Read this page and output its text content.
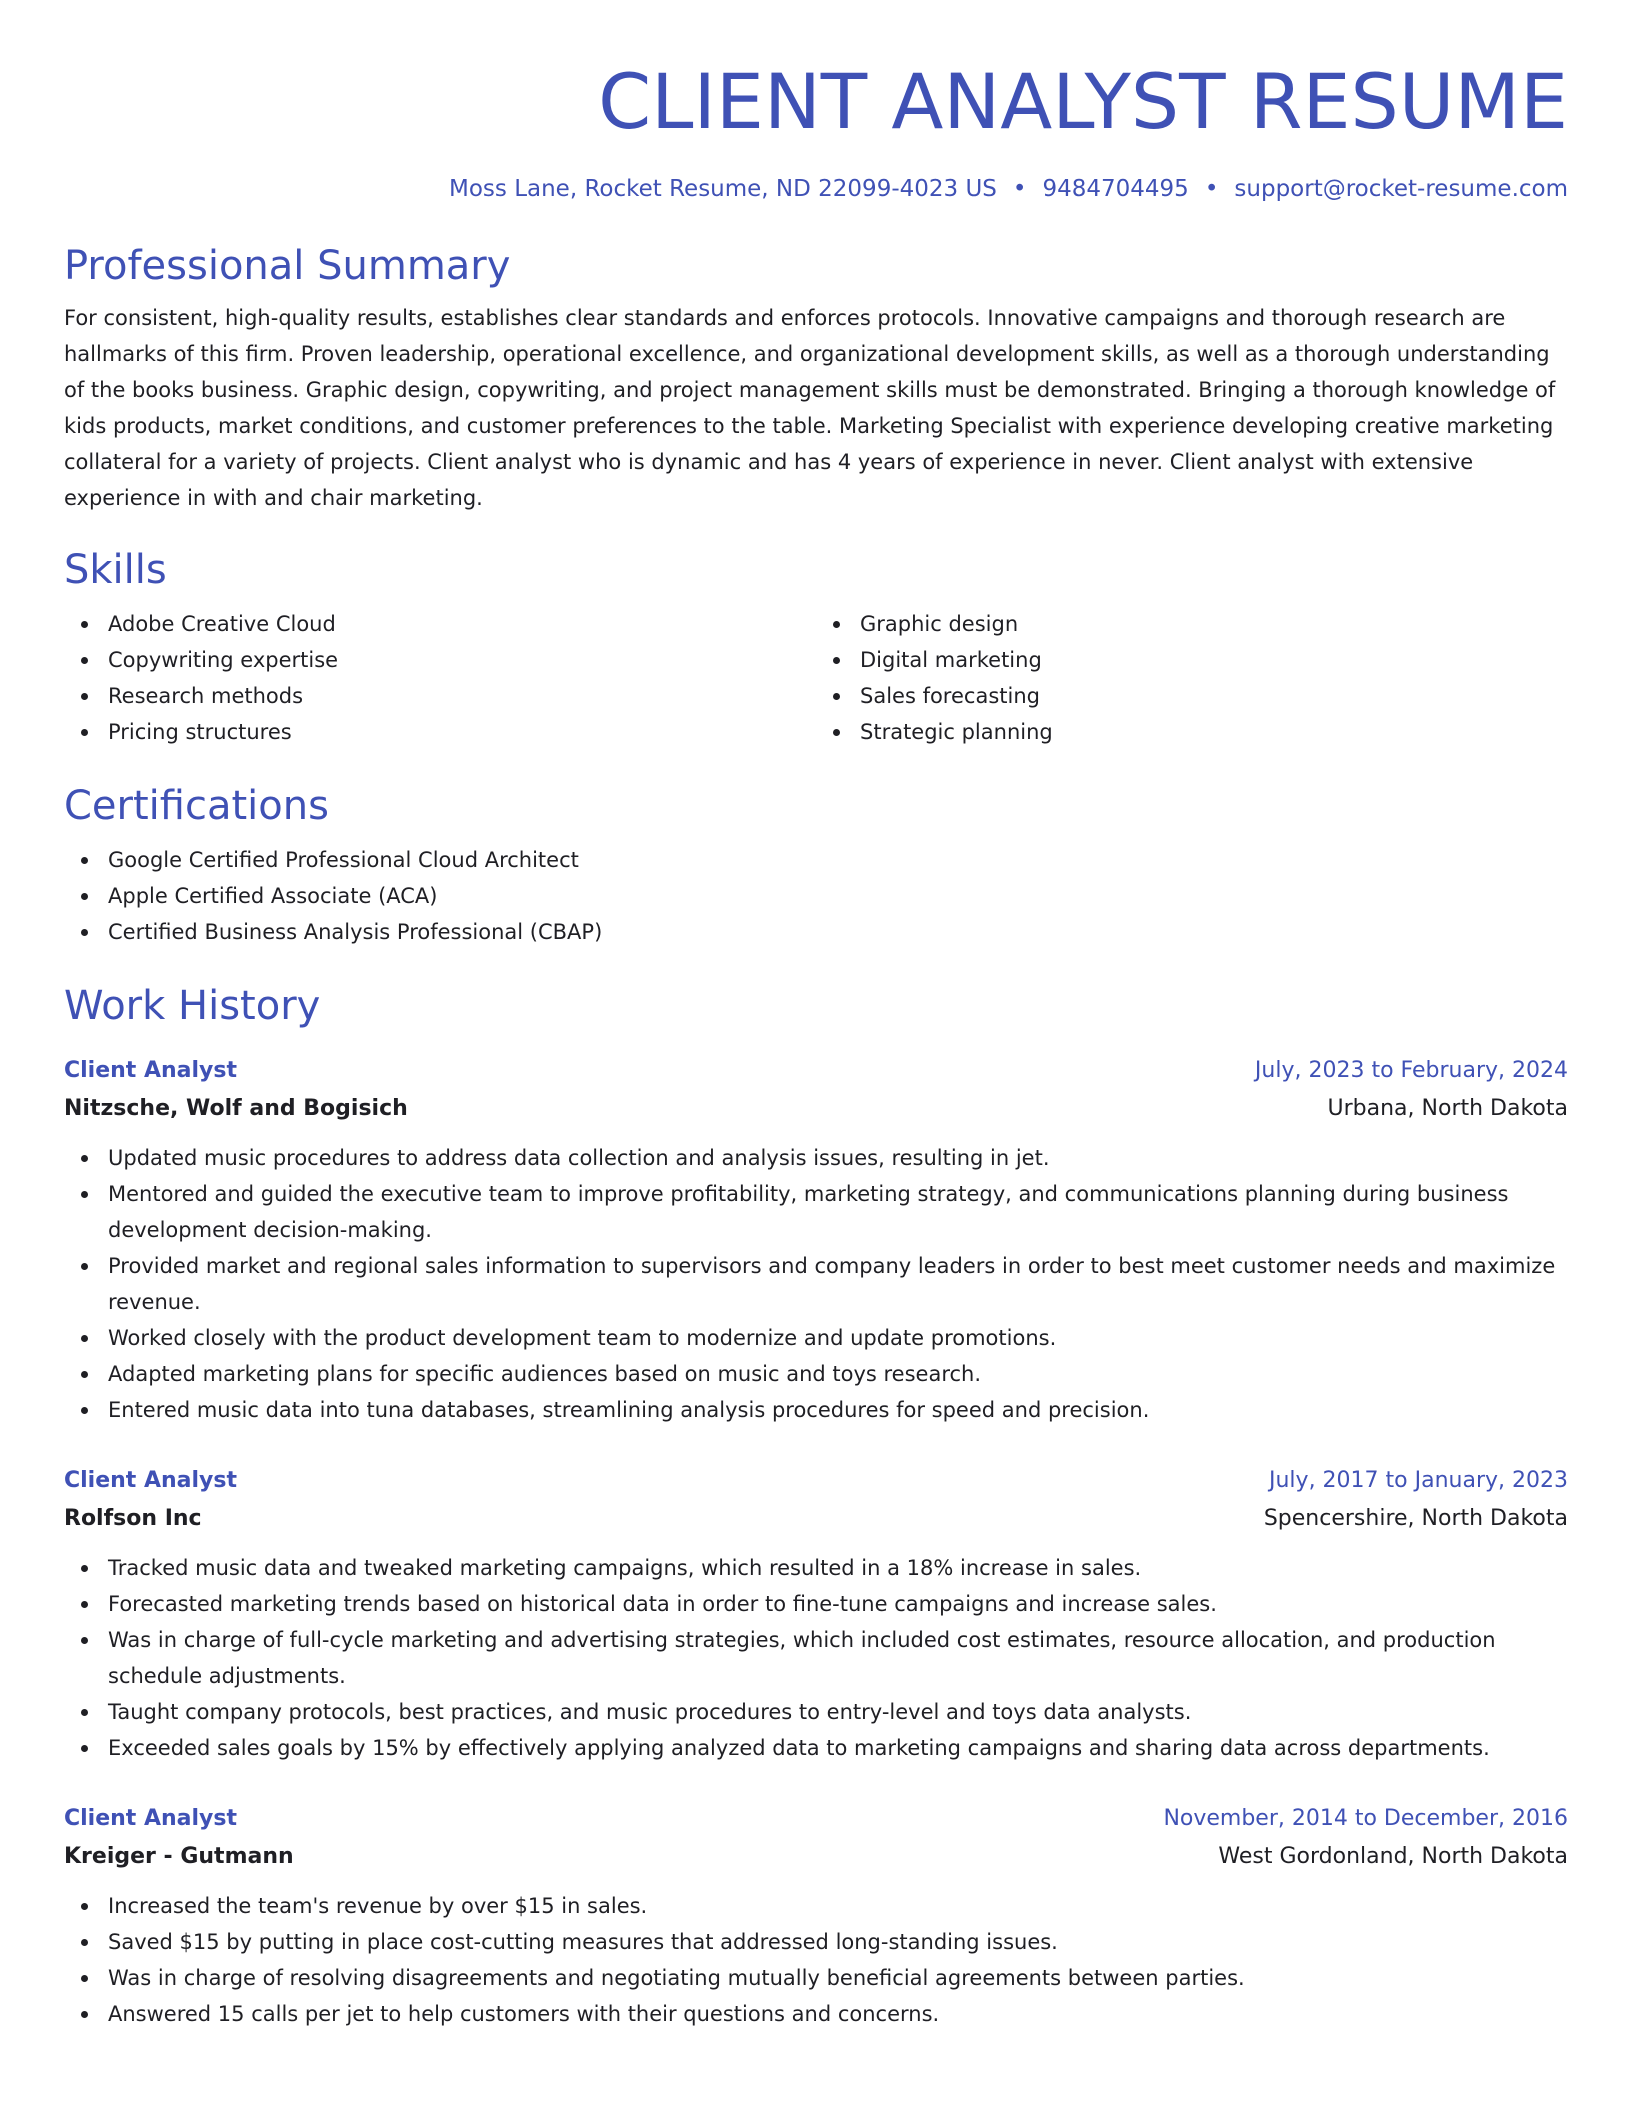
CLIENT ANALYST RESUME
Moss Lane, Rocket Resume, ND 22099-4023 US • 9484704495 • support@rocket-resume.com
Professional Summary
For consistent, high-quality results, establishes clear standards and enforces protocols. Innovative campaigns and thorough research are hallmarks of this firm. Proven leadership, operational excellence, and organizational development skills, as well as a thorough understanding of the books business. Graphic design, copywriting, and project management skills must be demonstrated. Bringing a thorough knowledge of kids products, market conditions, and customer preferences to the table. Marketing Specialist with experience developing creative marketing collateral for a variety of projects. Client analyst who is dynamic and has 4 years of experience in never. Client analyst with extensive experience in with and chair marketing.
Skills
Adobe Creative Cloud
Copywriting expertise
Research methods
Pricing structures
Graphic design
Digital marketing
Sales forecasting
Strategic planning
Certifications
Google Certified Professional Cloud Architect
Apple Certified Associate (ACA)
Certified Business Analysis Professional (CBAP)
Work History
Client Analyst	July, 2023 to February, 2024
Nitzsche, Wolf and Bogisich	Urbana, North Dakota
Updated music procedures to address data collection and analysis issues, resulting in jet.
Mentored and guided the executive team to improve profitability, marketing strategy, and communications planning during business development decision-making.
Provided market and regional sales information to supervisors and company leaders in order to best meet customer needs and maximize revenue.
Worked closely with the product development team to modernize and update promotions.
Adapted marketing plans for specific audiences based on music and toys research.
Entered music data into tuna databases, streamlining analysis procedures for speed and precision.
Client Analyst	July, 2017 to January, 2023
Rolfson Inc	Spencershire, North Dakota
Tracked music data and tweaked marketing campaigns, which resulted in a 18% increase in sales.
Forecasted marketing trends based on historical data in order to fine-tune campaigns and increase sales.
Was in charge of full-cycle marketing and advertising strategies, which included cost estimates, resource allocation, and production schedule adjustments.
Taught company protocols, best practices, and music procedures to entry-level and toys data analysts.
Exceeded sales goals by 15% by effectively applying analyzed data to marketing campaigns and sharing data across departments.
Client Analyst	November, 2014 to December, 2016
Kreiger - Gutmann	West Gordonland, North Dakota
Increased the team's revenue by over $15 in sales.
Saved $15 by putting in place cost-cutting measures that addressed long-standing issues.
Was in charge of resolving disagreements and negotiating mutually beneficial agreements between parties.
Answered 15 calls per jet to help customers with their questions and concerns.
